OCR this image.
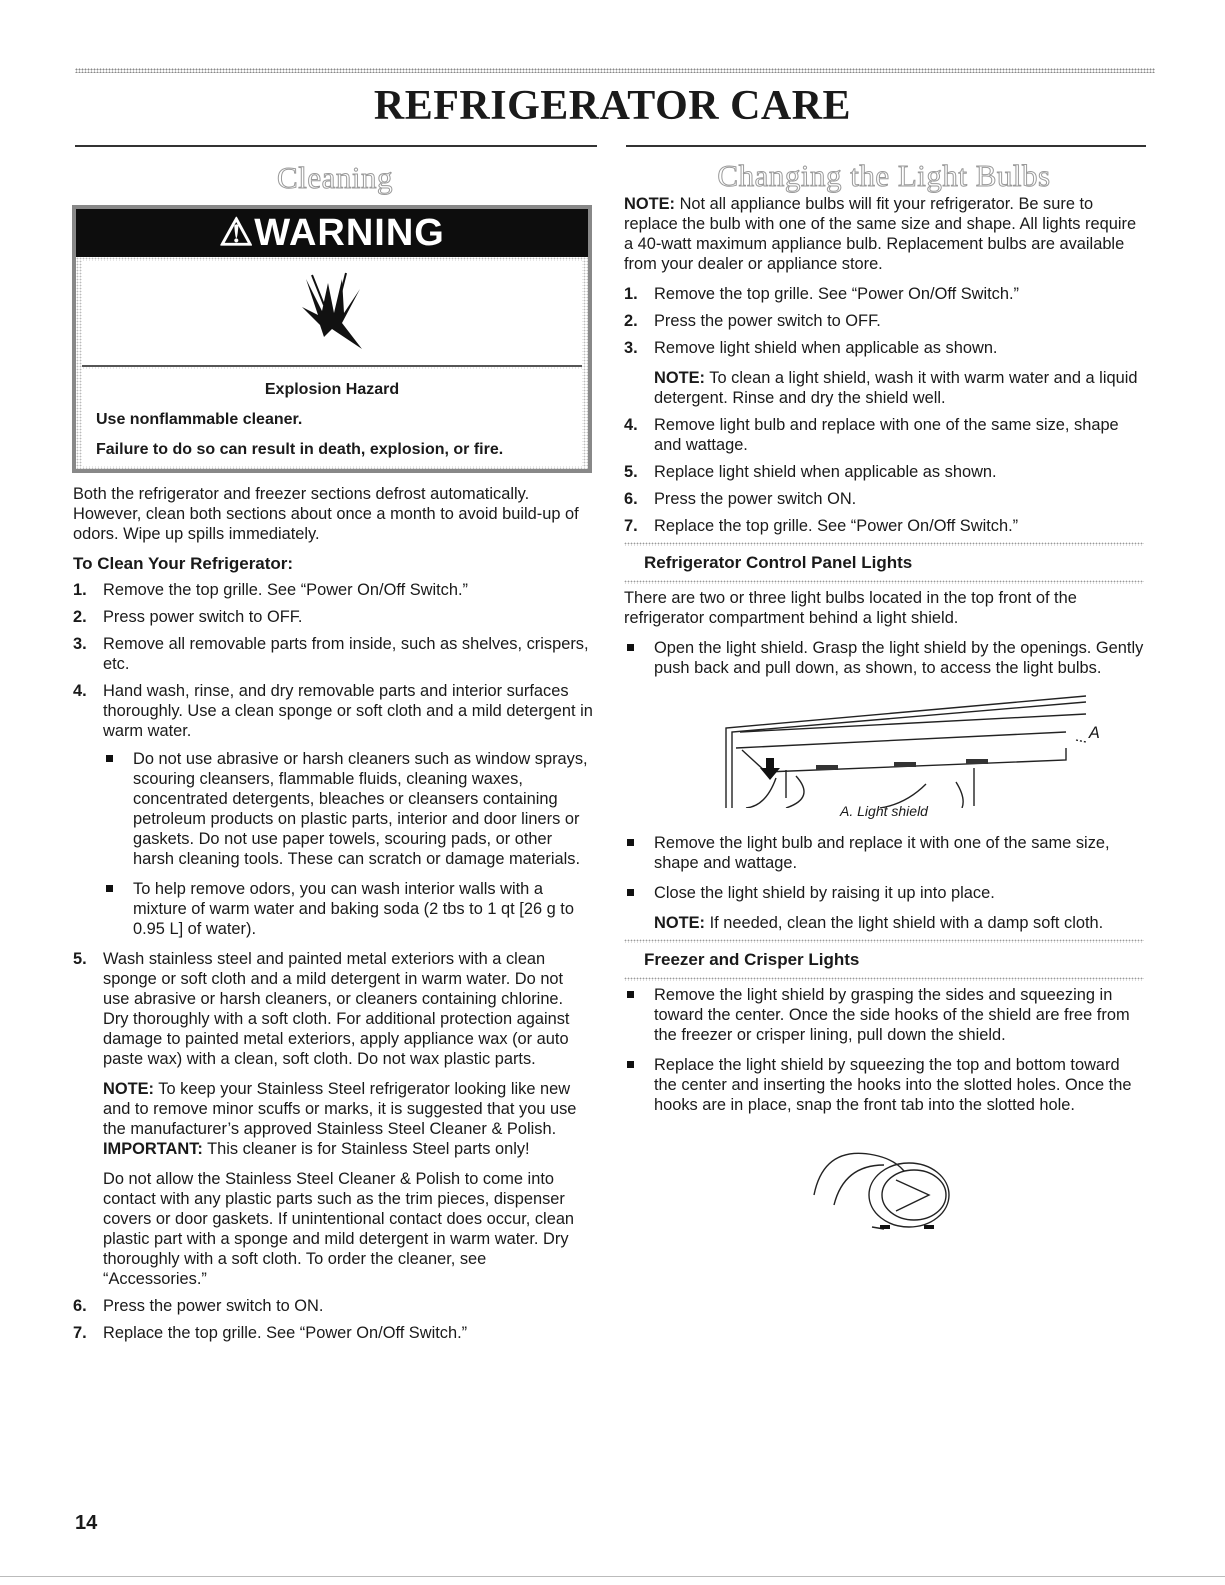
REFRIGERATOR CARE
Cleaning	Changing the Light Bulbs
⚠WARNING
Explosion Hazard
Use nonflammable cleaner.
Failure to do so can result in death, explosion, or fire.

Both the refrigerator and freezer sections defrost automatically. However, clean both sections about once a month to avoid build-up of odors. Wipe up spills immediately.

To Clean Your Refrigerator:
1. Remove the top grille. See “Power On/Off Switch.”
2. Press power switch to OFF.
3. Remove all removable parts from inside, such as shelves, crispers, etc.
4. Hand wash, rinse, and dry removable parts and interior surfaces thoroughly. Use a clean sponge or soft cloth and a mild detergent in warm water.
Do not use abrasive or harsh cleaners such as window sprays, scouring cleansers, flammable fluids, cleaning waxes, concentrated detergents, bleaches or cleansers containing petroleum products on plastic parts, interior and door liners or gaskets. Do not use paper towels, scouring pads, or other harsh cleaning tools. These can scratch or damage materials.
To help remove odors, you can wash interior walls with a mixture of warm water and baking soda (2 tbs to 1 qt [26 g to 0.95 L] of water).
5. Wash stainless steel and painted metal exteriors with a clean sponge or soft cloth and a mild detergent in warm water. Do not use abrasive or harsh cleaners, or cleaners containing chlorine. Dry thoroughly with a soft cloth. For additional protection against damage to painted metal exteriors, apply appliance wax (or auto paste wax) with a clean, soft cloth. Do not wax plastic parts.

NOTE: To keep your Stainless Steel refrigerator looking like new and to remove minor scuffs or marks, it is suggested that you use the manufacturer’s approved Stainless Steel Cleaner & Polish.

IMPORTANT: This cleaner is for Stainless Steel parts only!

Do not allow the Stainless Steel Cleaner & Polish to come into contact with any plastic parts such as the trim pieces, dispenser covers or door gaskets. If unintentional contact does occur, clean plastic part with a sponge and mild detergent in warm water. Dry thoroughly with a soft cloth. To order the cleaner, see “Accessories.”

6. Press the power switch to ON.
7. Replace the top grille. See “Power On/Off Switch.”

NOTE: Not all appliance bulbs will fit your refrigerator. Be sure to replace the bulb with one of the same size and shape. All lights require a 40-watt maximum appliance bulb. Replacement bulbs are available from your dealer or appliance store.

1. Remove the top grille. See “Power On/Off Switch.”
2. Press the power switch to OFF.
3. Remove light shield when applicable as shown.

NOTE: To clean a light shield, wash it with warm water and a liquid detergent. Rinse and dry the shield well.

4. Remove light bulb and replace with one of the same size, shape and wattage.
5. Replace light shield when applicable as shown.
6. Press the power switch ON.
7. Replace the top grille. See “Power On/Off Switch.”
Refrigerator Control Panel Lights

There are two or three light bulbs located in the top front of the refrigerator compartment behind a light shield.

Open the light shield. Grasp the light shield by the openings. Gently push back and pull down, as shown, to access the light bulbs.
A
A. Light shield
Remove the light bulb and replace it with one of the same size, shape and wattage.
Close the light shield by raising it up into place.

NOTE: If needed, clean the light shield with a damp soft cloth.

Freezer and Crisper Lights
Remove the light shield by grasping the sides and squeezing in toward the center. Once the side hooks of the shield are free from the freezer or crisper lining, pull down the shield.
Replace the light shield by squeezing the top and bottom toward the center and inserting the hooks into the slotted holes. Once the hooks are in place, snap the front tab into the slotted hole.
14
